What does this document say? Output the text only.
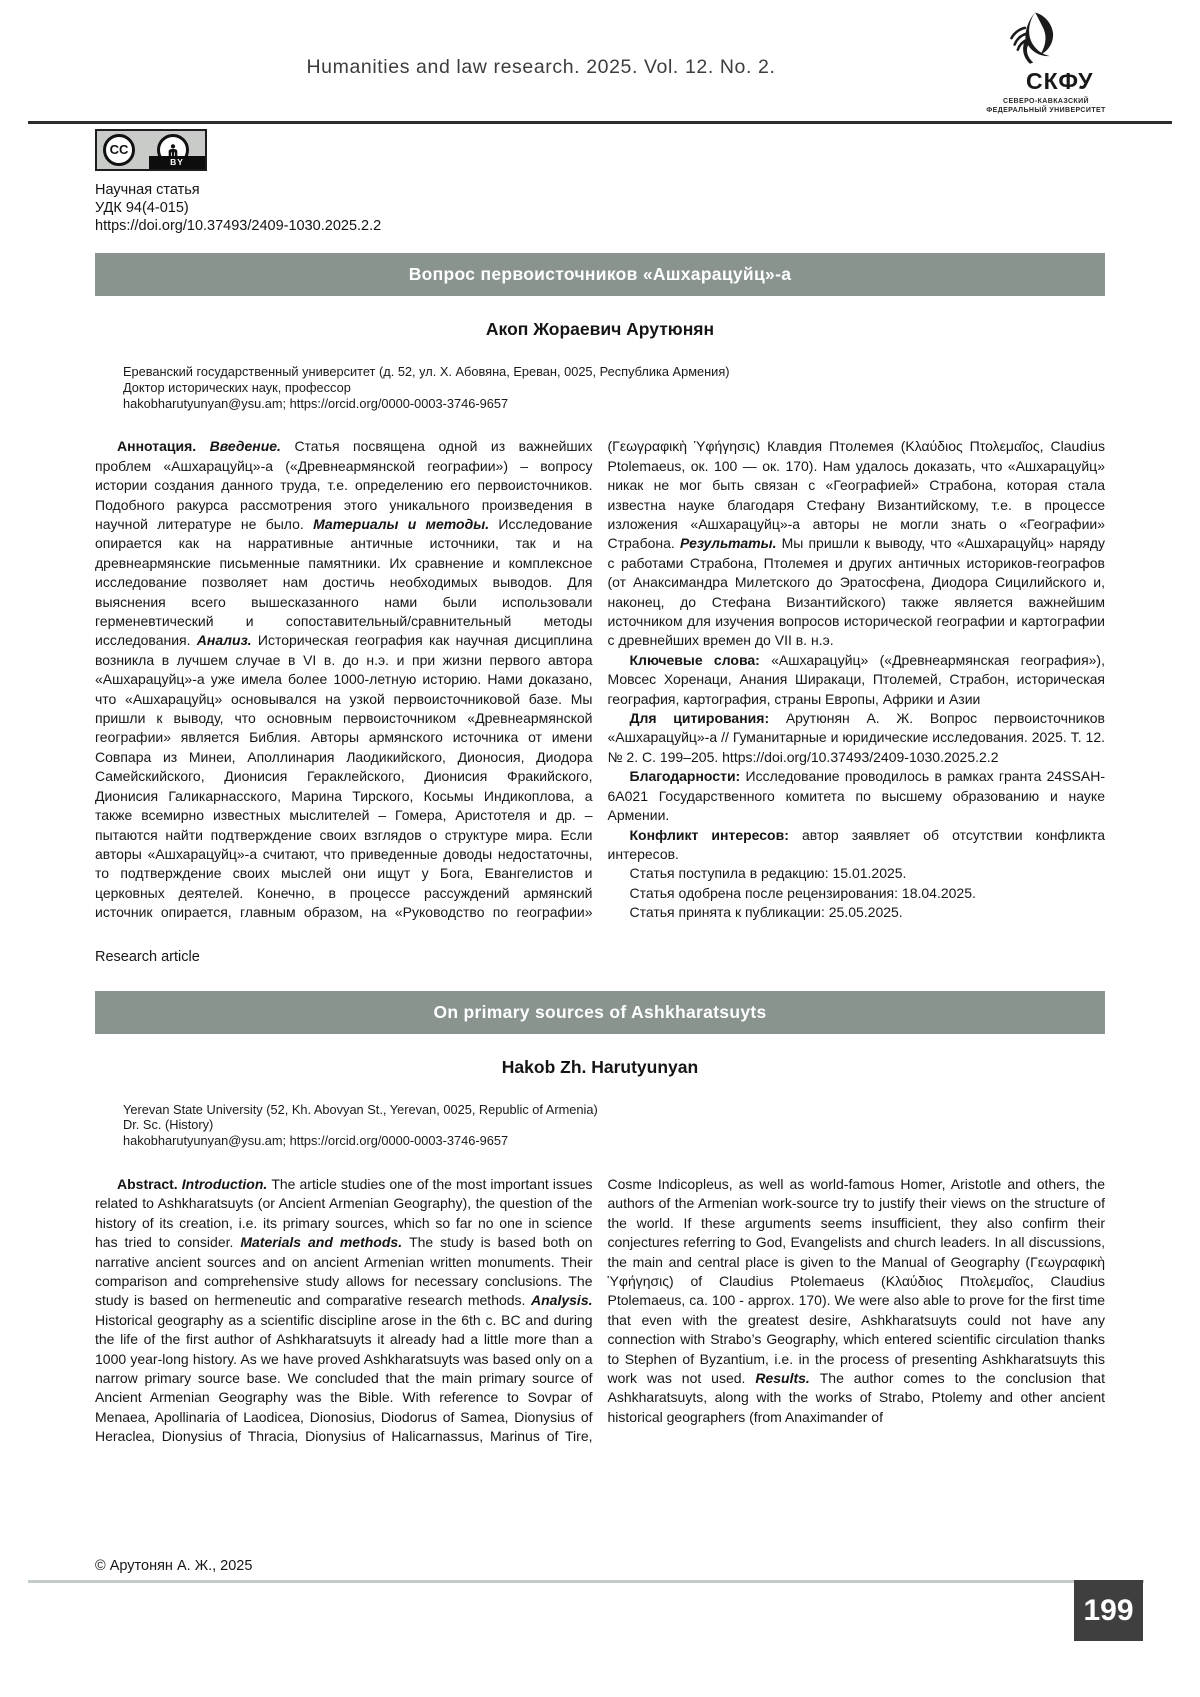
Humanities and law research. 2025. Vol. 12. No. 2.
СКФУ
СЕВЕРО-КАВКАЗСКИЙ
ФЕДЕРАЛЬНЫЙ УНИВЕРСИТЕТ
CC
BY
Научная статья
УДК 94(4-015)
https://doi.org/10.37493/2409-1030.2025.2.2
Вопрос первоисточников «Ашхарацуйц»-а
Акоп Жораевич Арутюнян
Ереванский государственный университет (д. 52, ул. Х. Абовяна, Ереван, 0025, Республика Армения)
Доктор исторических наук, профессор
hakobharutyunyan@ysu.am; https://orcid.org/0000-0003-3746-9657

Аннотация. Введение. Статья посвящена одной из важнейших проблем «Ашхарацуйц»-а («Древнеармянской географии») – вопросу истории создания данного труда, т.е. определению его первоисточников. Подобного ракурса рассмотрения этого уникального произведения в научной литературе не было. Материалы и методы. Исследование опирается как на нарративные античные источники, так и на древнеармянские письменные памятники. Их сравнение и комплексное исследование позволяет нам достичь необходимых выводов. Для выяснения всего вышесказанного нами были использовали герменевтический и сопоставительный/сравнительный методы исследования. Анализ. Историческая география как научная дисциплина возникла в лучшем случае в VI в. до н.э. и при жизни первого автора «Ашхарацуйц»-а уже имела более 1000-летную историю. Нами доказано, что «Ашхарацуйц» основывался на узкой первоисточниковой базе. Мы пришли к выводу, что основным первоисточником «Древнеармянской географии» является Библия. Авторы армянского источника от имени Совпара из Минеи, Аполлинария Лаодикийского, Дионосия, Диодора Самейскийского, Дионисия Гераклейского, Дионисия Фракийского, Дионисия Галикарнасского, Марина Тирского, Косьмы Индикоплова, а также всемирно известных мыслителей – Гомера, Аристотеля и др. – пытаются найти подтверждение своих взглядов о структуре мира. Если авторы «Ашхарацуйц»-а считают, что приведенные доводы недостаточны, то подтверждение своих мыслей они ищут у Бога, Евангелистов и церковных деятелей. Конечно, в процессе рассуждений армянский источник опирается, главным образом, на «Руководство по географии» (Γεωγραφικὴ Ὑφήγησις) Клавдия Птолемея (Κλαύδιος Πτολεμαῖος, Claudius Ptolemaeus, ок. 100 — ок. 170). Нам удалось доказать, что «Ашхарацуйц» никак не мог быть связан с «Географией» Страбона, которая стала известна науке благодаря Стефану Византийскому, т.е. в процессе изложения «Ашхарацуйц»-а авторы не могли знать о «Географии» Страбона. Результаты. Мы пришли к выводу, что «Ашхарацуйц» наряду с работами Страбона, Птолемея и других античных историков-географов (от Анаксимандра Милетского до Эратосфена, Диодора Сицилийского и, наконец, до Стефана Византийского) также является важнейшим источником для изучения вопросов исторической географии и картографии с древнейших времен до VII в. н.э.

Ключевые слова: «Ашхарацуйц» («Древнеармянская география»), Мовсес Хоренаци, Анания Ширакаци, Птолемей, Страбон, историческая география, картография, страны Европы, Африки и Азии

Для цитирования: Арутюнян А. Ж. Вопрос первоисточников «Ашхарацуйц»-а // Гуманитарные и юридические исследования. 2025. Т. 12. № 2. С. 199–205. https://doi.org/10.37493/2409-1030.2025.2.2

Благодарности: Исследование проводилось в рамках гранта 24SSAH-6A021 Государственного комитета по высшему образованию и науке Армении.

Конфликт интересов: автор заявляет об отсутствии конфликта интересов.

Статья поступила в редакцию: 15.01.2025.

Статья одобрена после рецензирования: 18.04.2025.

Статья принята к публикации: 25.05.2025.

Research article
On primary sources of Ashkharatsuyts
Hakob Zh. Harutyunyan
Yerevan State University (52, Kh. Abovyan St., Yerevan, 0025, Republic of Armenia)
Dr. Sc. (History)
hakobharutyunyan@ysu.am; https://orcid.org/0000-0003-3746-9657

Abstract. Introduction. The article studies one of the most important issues related to Ashkharatsuyts (or Ancient Armenian Geography), the question of the history of its creation, i.e. its primary sources, which so far no one in science has tried to consider. Materials and methods. The study is based both on narrative ancient sources and on ancient Armenian written monuments. Their comparison and comprehensive study allows for necessary conclusions. The study is based on hermeneutic and comparative research methods. Analysis. Historical geography as a scientific discipline arose in the 6th c. BC and during the life of the first author of Ashkharatsuyts it already had a little more than a 1000 year-long history. As we have proved Ashkharatsuyts was based only on a narrow primary source base. We concluded that the main primary source of Ancient Armenian Geography was the Bible. With reference to Sovpar of Menaea, Apollinaria of Laodicea, Dionosius, Diodorus of Samea, Dionysius of Heraclea, Dionysius of Thracia, Dionysius of Halicarnassus, Marinus of Tire, Cosme Indicopleus, as well as world-famous Homer, Aristotle and others, the authors of the Armenian work-source try to justify their views on the structure of the world. If these arguments seems insufficient, they also confirm their conjectures referring to God, Evangelists and church leaders. In all discussions, the main and central place is given to the Manual of Geography (Γεωγραφικὴ Ὑφήγησις) of Claudius Ptolemaeus (Κλαύδιος Πτολεμαῖος, Claudius Ptolemaeus, ca. 100 - approx. 170). We were also able to prove for the first time that even with the greatest desire, Ashkharatsuyts could not have any connection with Strabo’s Geography, which entered scientific circulation thanks to Stephen of Byzantium, i.e. in the process of presenting Ashkharatsuyts this work was not used. Results. The author comes to the conclusion that Ashkharatsuyts, along with the works of Strabo, Ptolemy and other ancient historical geographers (from Anaximander of

© Арутонян А. Ж., 2025
199
